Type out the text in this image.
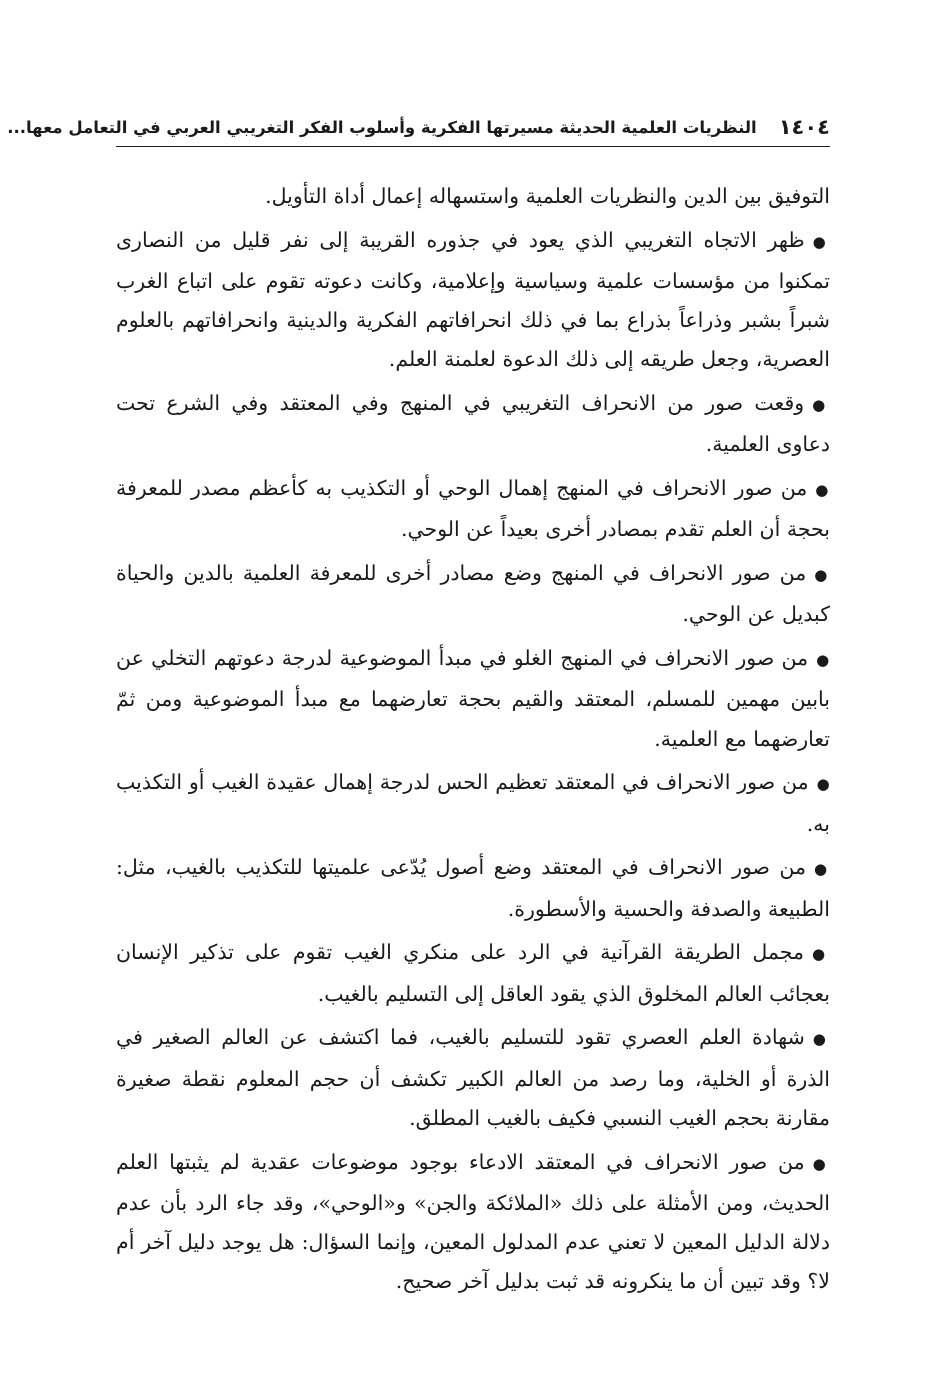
١٤٠٤
النظريات العلمية الحديثة مسيرتها الفكرية وأسلوب الفكر التغريبي العربي في التعامل معها...

التوفيق بين الدين والنظريات العلمية واستسهاله إعمال أداة التأويل.

●ظهر الاتجاه التغريبي الذي يعود في جذوره القريبة إلى نفر قليل من النصارى تمكنوا من مؤسسات علمية وسياسية وإعلامية، وكانت دعوته تقوم على اتباع الغرب شبراً بشبر وذراعاً بذراع بما في ذلك انحرافاتهم الفكرية والدينية وانحرافاتهم بالعلوم العصرية، وجعل طريقه إلى ذلك الدعوة لعلمنة العلم.

●وقعت صور من الانحراف التغريبي في المنهج وفي المعتقد وفي الشرع تحت دعاوى العلمية.

●من صور الانحراف في المنهج إهمال الوحي أو التكذيب به كأعظم مصدر للمعرفة بحجة أن العلم تقدم بمصادر أخرى بعيداً عن الوحي.

●من صور الانحراف في المنهج وضع مصادر أخرى للمعرفة العلمية بالدين والحياة كبديل عن الوحي.

●من صور الانحراف في المنهج الغلو في مبدأ الموضوعية لدرجة دعوتهم التخلي عن بابين مهمين للمسلم، المعتقد والقيم بحجة تعارضهما مع مبدأ الموضوعية ومن ثمّ تعارضهما مع العلمية.

●من صور الانحراف في المعتقد تعظيم الحس لدرجة إهمال عقيدة الغيب أو التكذيب به.

●من صور الانحراف في المعتقد وضع أصول يُدّعى علميتها للتكذيب بالغيب، مثل: الطبيعة والصدفة والحسية والأسطورة.

●مجمل الطريقة القرآنية في الرد على منكري الغيب تقوم على تذكير الإنسان بعجائب العالم المخلوق الذي يقود العاقل إلى التسليم بالغيب.

●شهادة العلم العصري تقود للتسليم بالغيب، فما اكتشف عن العالم الصغير في الذرة أو الخلية، وما رصد من العالم الكبير تكشف أن حجم المعلوم نقطة صغيرة مقارنة بحجم الغيب النسبي فكيف بالغيب المطلق.

●من صور الانحراف في المعتقد الادعاء بوجود موضوعات عقدية لم يثبتها العلم الحديث، ومن الأمثلة على ذلك «الملائكة والجن» و«الوحي»، وقد جاء الرد بأن عدم دلالة الدليل المعين لا تعني عدم المدلول المعين، وإنما السؤال: هل يوجد دليل آخر أم لا؟ وقد تبين أن ما ينكرونه قد ثبت بدليل آخر صحيح.
